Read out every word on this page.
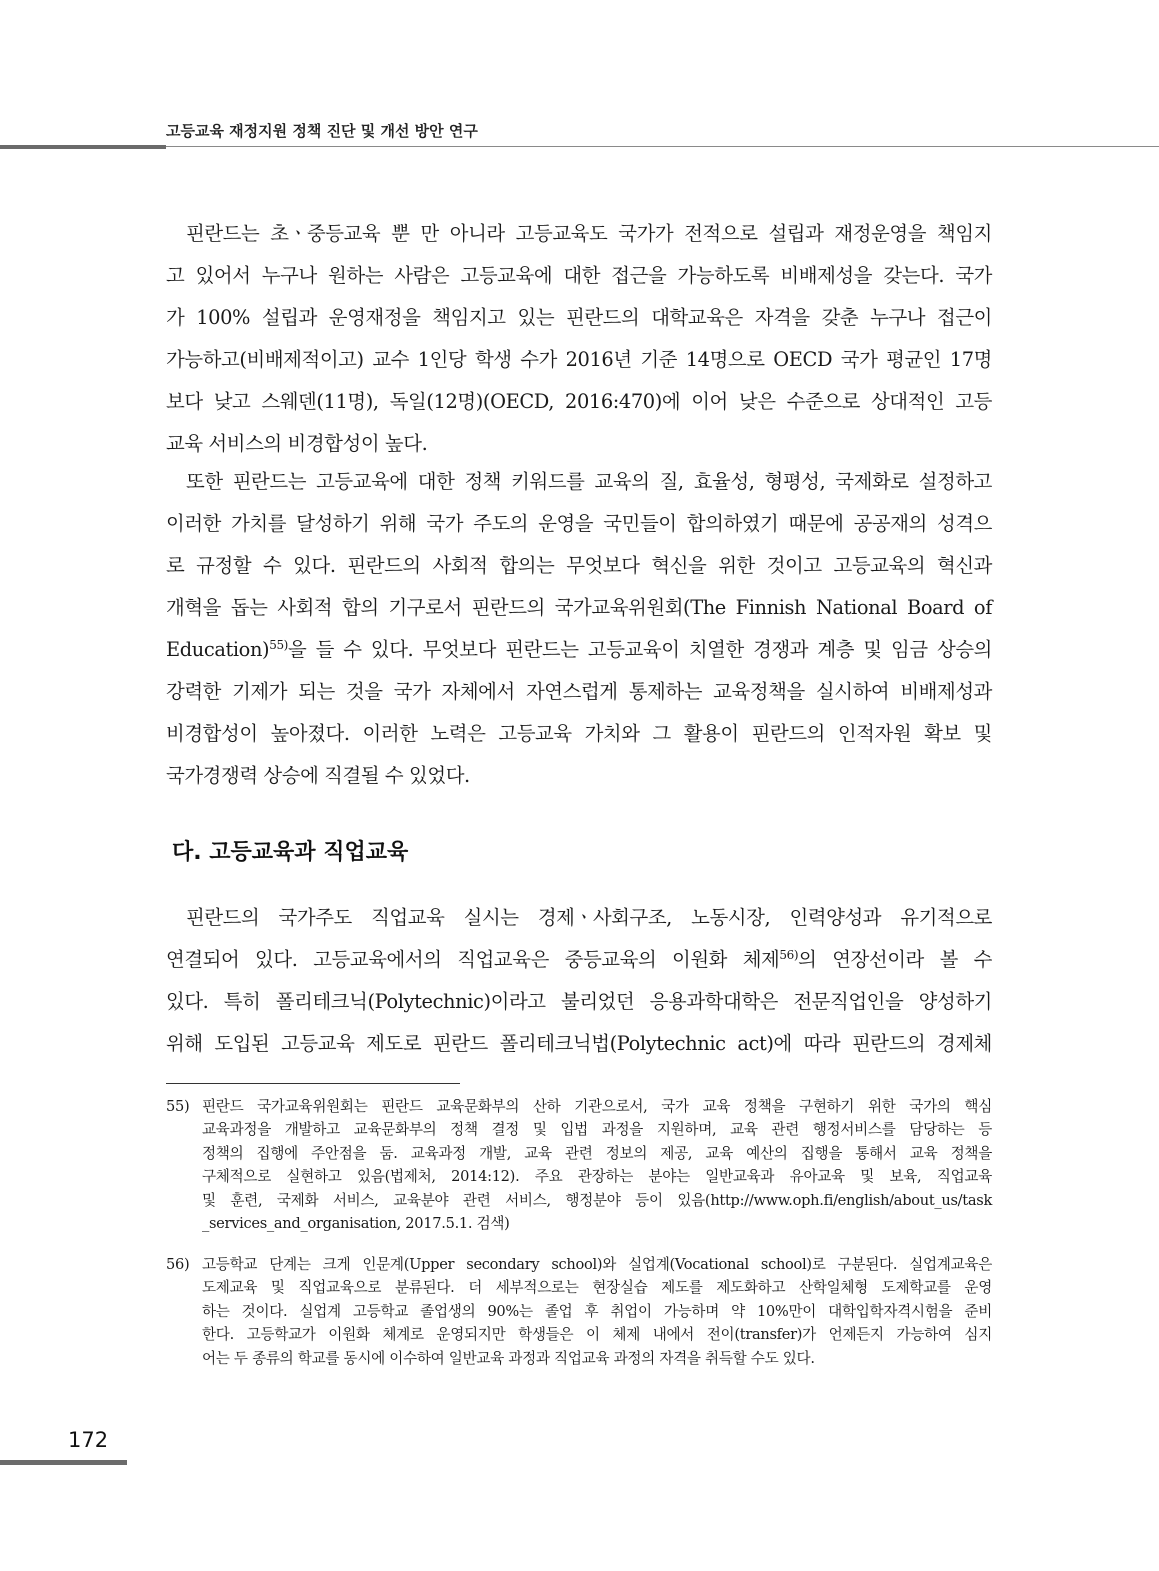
고등교육 재정지원 정책 진단 및 개선 방안 연구

핀란드는 초ㆍ중등교육 뿐 만 아니라 고등교육도 국가가 전적으로 설립과 재정운영을 책임지
고 있어서 누구나 원하는 사람은 고등교육에 대한 접근을 가능하도록 비배제성을 갖는다. 국가
가 100% 설립과 운영재정을 책임지고 있는 핀란드의 대학교육은 자격을 갖춘 누구나 접근이
가능하고(비배제적이고) 교수 1인당 학생 수가 2016년 기준 14명으로 OECD 국가 평균인 17명
보다 낮고 스웨덴(11명), 독일(12명)(OECD, 2016:470)에 이어 낮은 수준으로 상대적인 고등
교육 서비스의 비경합성이 높다.

또한 핀란드는 고등교육에 대한 정책 키워드를 교육의 질, 효율성, 형평성, 국제화로 설정하고
이러한 가치를 달성하기 위해 국가 주도의 운영을 국민들이 합의하였기 때문에 공공재의 성격으
로 규정할 수 있다. 핀란드의 사회적 합의는 무엇보다 혁신을 위한 것이고 고등교육의 혁신과
개혁을 돕는 사회적 합의 기구로서 핀란드의 국가교육위원회(The Finnish National Board of
Education)$^{55)}$을 들 수 있다. 무엇보다 핀란드는 고등교육이 치열한 경쟁과 계층 및 임금 상승의
강력한 기제가 되는 것을 국가 자체에서 자연스럽게 통제하는 교육정책을 실시하여 비배제성과
비경합성이 높아졌다. 이러한 노력은 고등교육 가치와 그 활용이 핀란드의 인적자원 확보 및
국가경쟁력 상승에 직결될 수 있었다.

다. 고등교육과 직업교육

핀란드의 국가주도 직업교육 실시는 경제ㆍ사회구조, 노동시장, 인력양성과 유기적으로
연결되어 있다. 고등교육에서의 직업교육은 중등교육의 이원화 체제$^{56)}$의 연장선이라 볼 수
있다. 특히 폴리테크닉(Polytechnic)이라고 불리었던 응용과학대학은 전문직업인을 양성하기
위해 도입된 고등교육 제도로 핀란드 폴리테크닉법(Polytechnic act)에 따라 핀란드의 경제체

55) 핀란드 국가교육위원회는 핀란드 교육문화부의 산하 기관으로서, 국가 교육 정책을 구현하기 위한 국가의 핵심
교육과정을 개발하고 교육문화부의 정책 결정 및 입법 과정을 지원하며, 교육 관련 행정서비스를 담당하는 등
정책의 집행에 주안점을 둠. 교육과정 개발, 교육 관련 정보의 제공, 교육 예산의 집행을 통해서 교육 정책을
구체적으로 실현하고 있음(법제처, 2014:12). 주요 관장하는 분야는 일반교육과 유아교육 및 보육, 직업교육
및 훈련, 국제화 서비스, 교육분야 관련 서비스, 행정분야 등이 있음(http://www.oph.fi/english/about_us/task
_services_and_organisation, 2017.5.1. 검색)
56) 고등학교 단계는 크게 인문계(Upper secondary school)와 실업계(Vocational school)로 구분된다. 실업계교육은
도제교육 및 직업교육으로 분류된다. 더 세부적으로는 현장실습 제도를 제도화하고 산학일체형 도제학교를 운영
하는 것이다. 실업계 고등학교 졸업생의 90%는 졸업 후 취업이 가능하며 약 10%만이 대학입학자격시험을 준비
한다. 고등학교가 이원화 체계로 운영되지만 학생들은 이 체제 내에서 전이(transfer)가 언제든지 가능하여 심지
어는 두 종류의 학교를 동시에 이수하여 일반교육 과정과 직업교육 과정의 자격을 취득할 수도 있다.
172
